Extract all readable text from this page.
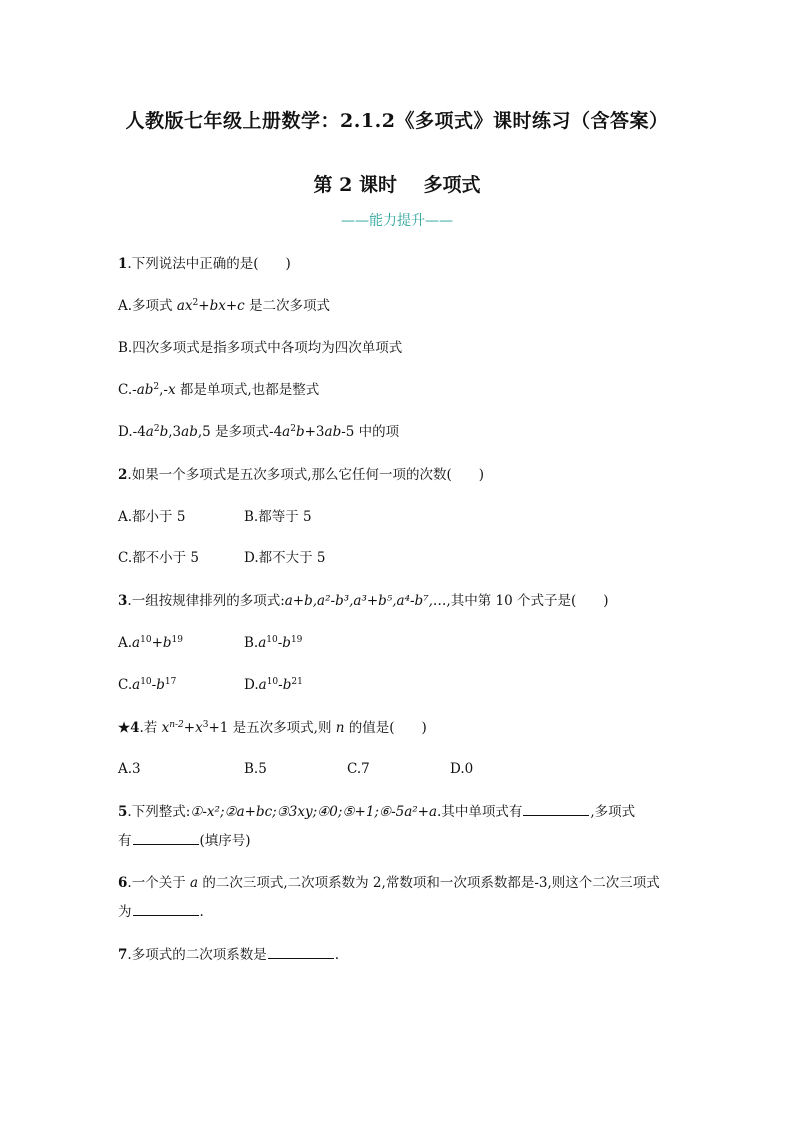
人教版七年级上册数学：2.1.2《多项式》课时练习（含答案）
第 2 课时    多项式
——能力提升——
1.下列说法中正确的是(　　)
A.多项式 $ax^2+bx+c$ 是二次多项式
B.四次多项式是指多项式中各项均为四次单项式
$C.-ab^2,-x$ 都是单项式,也都是整式
$D.-4a^2b,3ab,5$ 是多项式$-4a^2b+3ab-5$ 中的项
2.如果一个多项式是五次多项式,那么它任何一项的次数(　　)
A.都小于 5	B.都等于 5
C.都不小于 5	D.都不大于 5
3.一组按规律排列的多项式:a+b,a²-b³,a³+b⁵,a⁴-b⁷,…,其中第 10 个式子是(　　)
$A.a^{10}+b^{19}$	$B.a^{10}-b^{19}$
$C.a^{10}-b^{17}$	$D.a^{10}-b^{21}$
★4.若 $x^{n-2}+x^3+1$ 是五次多项式,则 n 的值是(　　)
A.3	B.5	C.7	D.0
5.下列整式:①-x²;②a+bc;③3xy;④0;⑤+1;⑥-5a²+a.其中单项式有	,多项式
有	(填序号)
6.一个关于 a 的二次三项式,二次项系数为 2,常数项和一次项系数都是-3,则这个二次三项式
为	.
7.多项式的二次项系数是	.
